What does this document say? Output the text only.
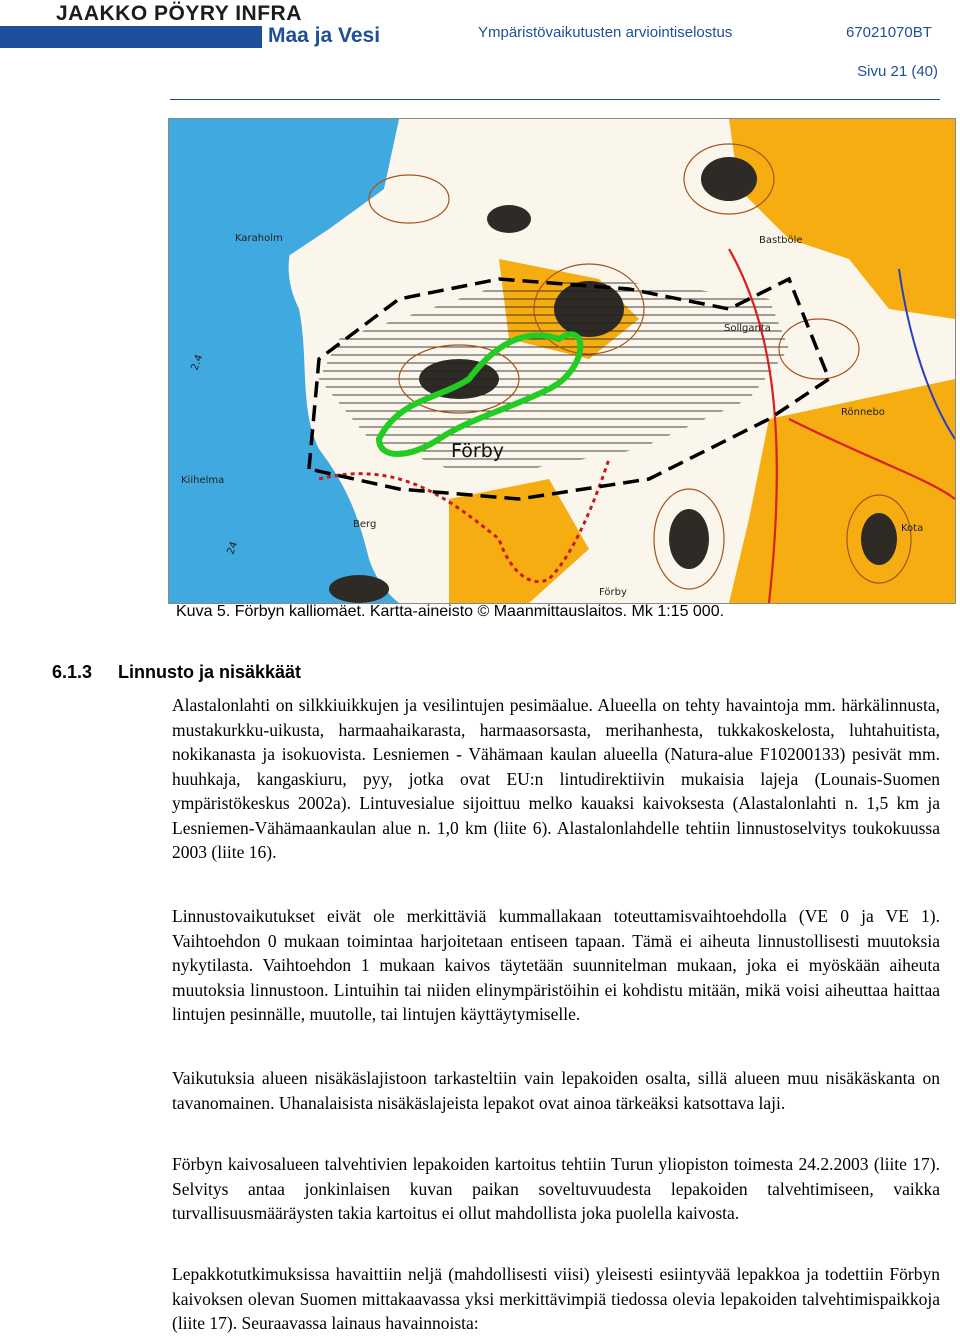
JAAKKO PÖYRY INFRA
Maa ja Vesi	Ympäristövaikutusten arviointiselostus	67021070BT
Sivu 21 (40)
Karaholm	Bastböle
Sollganta
Rönnebo
Förby
Kiihelma
Berg	Kota
Förby
2.4
24
Kuva 5. Förbyn kalliomäet. Kartta-aineisto © Maanmittauslaitos. Mk 1:15 000.
6.1.3 Linnusto ja nisäkkäät

Alastalonlahti on silkkiuikkujen ja vesilintujen pesimäalue. Alueella on tehty havaintoja mm. härkälinnusta, mustakurkku-uikusta, harmaahaikarasta, harmaasorsasta, merihanhesta, tukkakoskelosta, luhtahuitista, nokikanasta ja isokuovista. Lesniemen - Vähämaan kaulan alueella (Natura-alue F10200133) pesivät mm. huuhkaja, kangaskiuru, pyy, jotka ovat EU:n lintudirektiivin mukaisia lajeja (Lounais-Suomen ympäristökeskus 2002a). Lintuvesialue sijoittuu melko kauaksi kaivoksesta (Alastalonlahti n. 1,5 km ja Lesniemen-Vähämaankaulan alue n. 1,0 km (liite 6). Alastalonlahdelle tehtiin linnustoselvitys toukokuussa 2003 (liite 16).

Linnustovaikutukset eivät ole merkittäviä kummallakaan toteuttamisvaihtoehdolla (VE 0 ja VE 1). Vaihtoehdon 0 mukaan toimintaa harjoitetaan entiseen tapaan. Tämä ei aiheuta linnustollisesti muutoksia nykytilasta. Vaihtoehdon 1 mukaan kaivos täytetään suunnitelman mukaan, joka ei myöskään aiheuta muutoksia linnustoon. Lintuihin tai niiden elinympäristöihin ei kohdistu mitään, mikä voisi aiheuttaa haittaa lintujen pesinnälle, muutolle, tai lintujen käyttäytymiselle.

Vaikutuksia alueen nisäkäslajistoon tarkasteltiin vain lepakoiden osalta, sillä alueen muu nisäkäskanta on tavanomainen. Uhanalaisista nisäkäslajeista lepakot ovat ainoa tärkeäksi katsottava laji.

Förbyn kaivosalueen talvehtivien lepakoiden kartoitus tehtiin Turun yliopiston toimesta 24.2.2003 (liite 17). Selvitys antaa jonkinlaisen kuvan paikan soveltuvuudesta lepakoiden talvehtimiseen, vaikka turvallisuusmääräysten takia kartoitus ei ollut mahdollista joka puolella kaivosta.

Lepakkotutkimuksissa havaittiin neljä (mahdollisesti viisi) yleisesti esiintyvää lepakkoa ja todettiin Förbyn kaivoksen olevan Suomen mittakaavassa yksi merkittävimpiä tiedossa olevia lepakoiden talvehtimispaikkoja (liite 17). Seuraavassa lainaus havainnoista:
